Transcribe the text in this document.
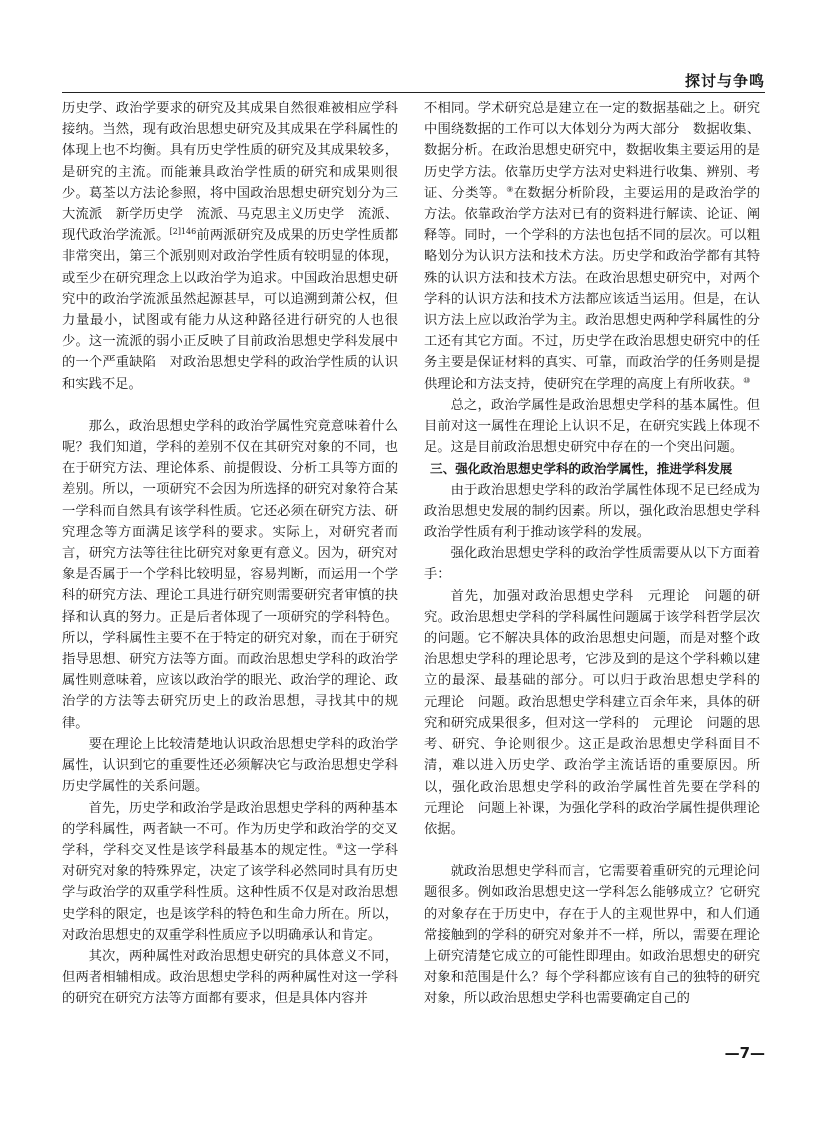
探讨与争鸣

历史学、政治学要求的研究及其成果自然很难被相应学科接纳。当然，现有政治思想史研究及其成果在学科属性的体现上也不均衡。具有历史学性质的研究及其成果较多，是研究的主流。而能兼具政治学性质的研究和成果则很少。葛荃以方法论参照，将中国政治思想史研究划分为三大流派　新学历史学　流派、马克思主义历史学　流派、现代政治学流派。$^{[2]146}$前两派研究及成果的历史学性质都非常突出，第三个派别则对政治学性质有较明显的体现，或至少在研究理念上以政治学为追求。中国政治思想史研究中的政治学流派虽然起源甚早，可以追溯到萧公权，但力量最小，试图或有能力从这种路径进行研究的人也很少。这一流派的弱小正反映了目前政治思想史学科发展中的一个严重缺陷　对政治思想史学科的政治学性质的认识和实践不足。

那么，政治思想史学科的政治学属性究竟意味着什么呢？我们知道，学科的差别不仅在其研究对象的不同，也在于研究方法、理论体系、前提假设、分析工具等方面的差别。所以，一项研究不会因为所选择的研究对象符合某一学科而自然具有该学科性质。它还必须在研究方法、研究理念等方面满足该学科的要求。实际上，对研究者而言，研究方法等往往比研究对象更有意义。因为，研究对象是否属于一个学科比较明显，容易判断，而运用一个学科的研究方法、理论工具进行研究则需要研究者审慎的抉择和认真的努力。正是后者体现了一项研究的学科特色。所以，学科属性主要不在于特定的研究对象，而在于研究指导思想、研究方法等方面。而政治思想史学科的政治学属性则意味着，应该以政治学的眼光、政治学的理论、政治学的方法等去研究历史上的政治思想，寻找其中的规律。

要在理论上比较清楚地认识政治思想史学科的政治学属性，认识到它的重要性还必须解决它与政治思想史学科历史学属性的关系问题。

首先，历史学和政治学是政治思想史学科的两种基本的学科属性，两者缺一不可。作为历史学和政治学的交叉学科，学科交叉性是该学科最基本的规定性。⑧这一学科对研究对象的特殊界定，决定了该学科必然同时具有历史学与政治学的双重学科性质。这种性质不仅是对政治思想史学科的限定，也是该学科的特色和生命力所在。所以，对政治思想史的双重学科性质应予以明确承认和肯定。

其次，两种属性对政治思想史研究的具体意义不同，但两者相辅相成。政治思想史学科的两种属性对这一学科的研究在研究方法等方面都有要求，但是具体内容并

不相同。学术研究总是建立在一定的数据基础之上。研究中围绕数据的工作可以大体划分为两大部分　数据收集、数据分析。在政治思想史研究中，数据收集主要运用的是历史学方法。依靠历史学方法对史料进行收集、辨别、考证、分类等。⑨在数据分析阶段，主要运用的是政治学的方法。依靠政治学方法对已有的资料进行解读、论证、阐释等。同时，一个学科的方法也包括不同的层次。可以粗略划分为认识方法和技术方法。历史学和政治学都有其特殊的认识方法和技术方法。在政治思想史研究中，对两个学科的认识方法和技术方法都应该适当运用。但是，在认识方法上应以政治学为主。政治思想史两种学科属性的分工还有其它方面。不过，历史学在政治思想史研究中的任务主要是保证材料的真实、可靠，而政治学的任务则是提供理论和方法支持，使研究在学理的高度上有所收获。⑩

总之，政治学属性是政治思想史学科的基本属性。但目前对这一属性在理论上认识不足，在研究实践上体现不足。这是目前政治思想史研究中存在的一个突出问题。

三、强化政治思想史学科的政治学属性，推进学科发展

由于政治思想史学科的政治学属性体现不足已经成为政治思想史发展的制约因素。所以，强化政治思想史学科政治学性质有利于推动该学科的发展。

强化政治思想史学科的政治学性质需要从以下方面着手：

首先，加强对政治思想史学科　元理论　问题的研究。政治思想史学科的学科属性问题属于该学科哲学层次的问题。它不解决具体的政治思想史问题，而是对整个政治思想史学科的理论思考，它涉及到的是这个学科赖以建立的最深、最基础的部分。可以归于政治思想史学科的　元理论　问题。政治思想史学科建立百余年来，具体的研究和研究成果很多，但对这一学科的　元理论　问题的思考、研究、争论则很少。这正是政治思想史学科面目不清，难以进入历史学、政治学主流话语的重要原因。所以，强化政治思想史学科的政治学属性首先要在学科的　元理论　问题上补课，为强化学科的政治学属性提供理论依据。

就政治思想史学科而言，它需要着重研究的元理论问题很多。例如政治思想史这一学科怎么能够成立？它研究的对象存在于历史中，存在于人的主观世界中，和人们通常接触到的学科的研究对象并不一样，所以，需要在理论上研究清楚它成立的可能性即理由。如政治思想史的研究对象和范围是什么？每个学科都应该有自己的独特的研究对象，所以政治思想史学科也需要确定自己的

—7—
